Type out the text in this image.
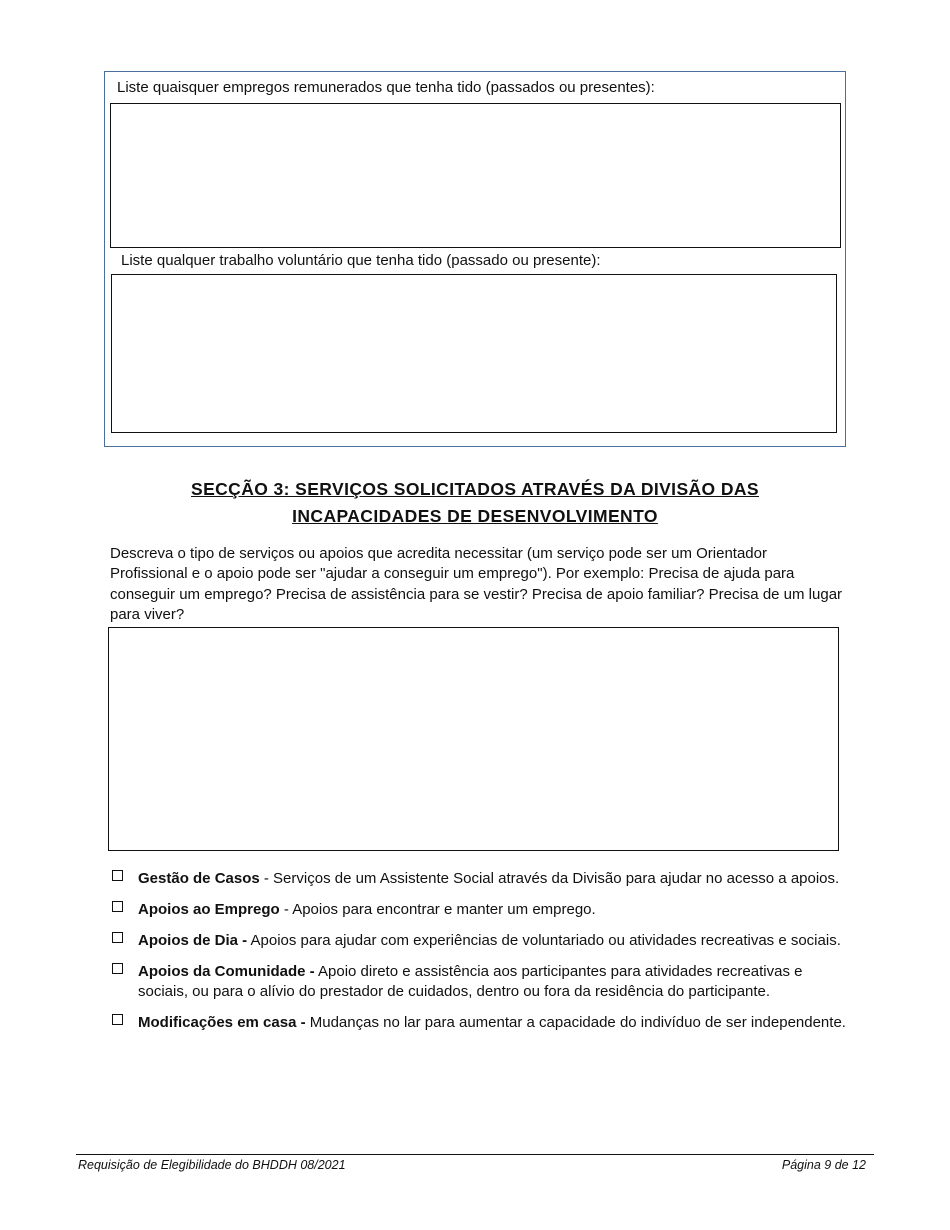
Liste quaisquer empregos remunerados que tenha tido (passados ou presentes):
Liste qualquer trabalho voluntário que tenha tido (passado ou presente):
SECÇÃO 3: SERVIÇOS SOLICITADOS ATRAVÉS DA DIVISÃO DAS
INCAPACIDADES DE DESENVOLVIMENTO
Descreva o tipo de serviços ou apoios que acredita necessitar (um serviço pode ser um Orientador Profissional e o apoio pode ser "ajudar a conseguir um emprego"). Por exemplo: Precisa de ajuda para conseguir um emprego? Precisa de assistência para se vestir? Precisa de apoio familiar? Precisa de um lugar para viver?
Gestão de Casos - Serviços de um Assistente Social através da Divisão para ajudar no acesso a apoios.
Apoios ao Emprego - Apoios para encontrar e manter um emprego.
Apoios de Dia - Apoios para ajudar com experiências de voluntariado ou atividades recreativas e sociais.
Apoios da Comunidade - Apoio direto e assistência aos participantes para atividades recreativas e sociais, ou para o alívio do prestador de cuidados, dentro ou fora da residência do participante.
Modificações em casa - Mudanças no lar para aumentar a capacidade do indivíduo de ser independente.
Requisição de Elegibilidade do BHDDH 08/2021	Página 9 de 12
